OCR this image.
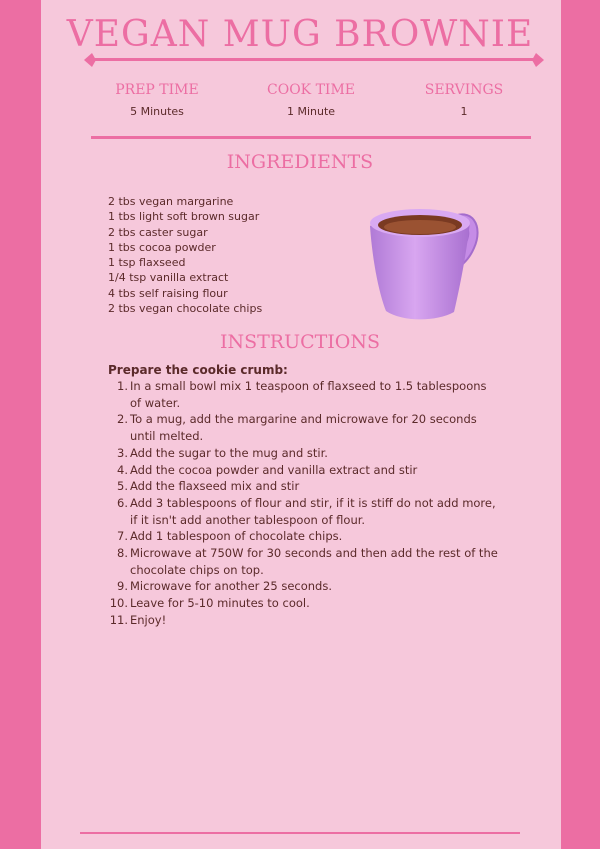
VEGAN MUG BROWNIE
PREP TIME
5 Minutes
COOK TIME
1 Minute
SERVINGS
1
INGREDIENTS
2 tbs vegan margarine
1 tbs light soft brown sugar
2 tbs caster sugar
1 tbs cocoa powder
1 tsp flaxseed
1/4 tsp vanilla extract
4 tbs self raising flour
2 tbs vegan chocolate chips
INSTRUCTIONS

Prepare the cookie crumb:

1. In a small bowl mix 1 teaspoon of flaxseed to 1.5 tablespoons of water.
2. To a mug, add the margarine and microwave for 20 seconds until melted.
3. Add the sugar to the mug and stir.
4. Add the cocoa powder and vanilla extract and stir
5. Add the flaxseed mix and stir
6. Add 3 tablespoons of flour and stir, if it is stiff do not add more, if it isn't add another tablespoon of flour.
7. Add 1 tablespoon of chocolate chips.
8. Microwave at 750W for 30 seconds and then add the rest of the chocolate chips on top.
9. Microwave for another 25 seconds.
10. Leave for 5-10 minutes to cool.
11. Enjoy!
